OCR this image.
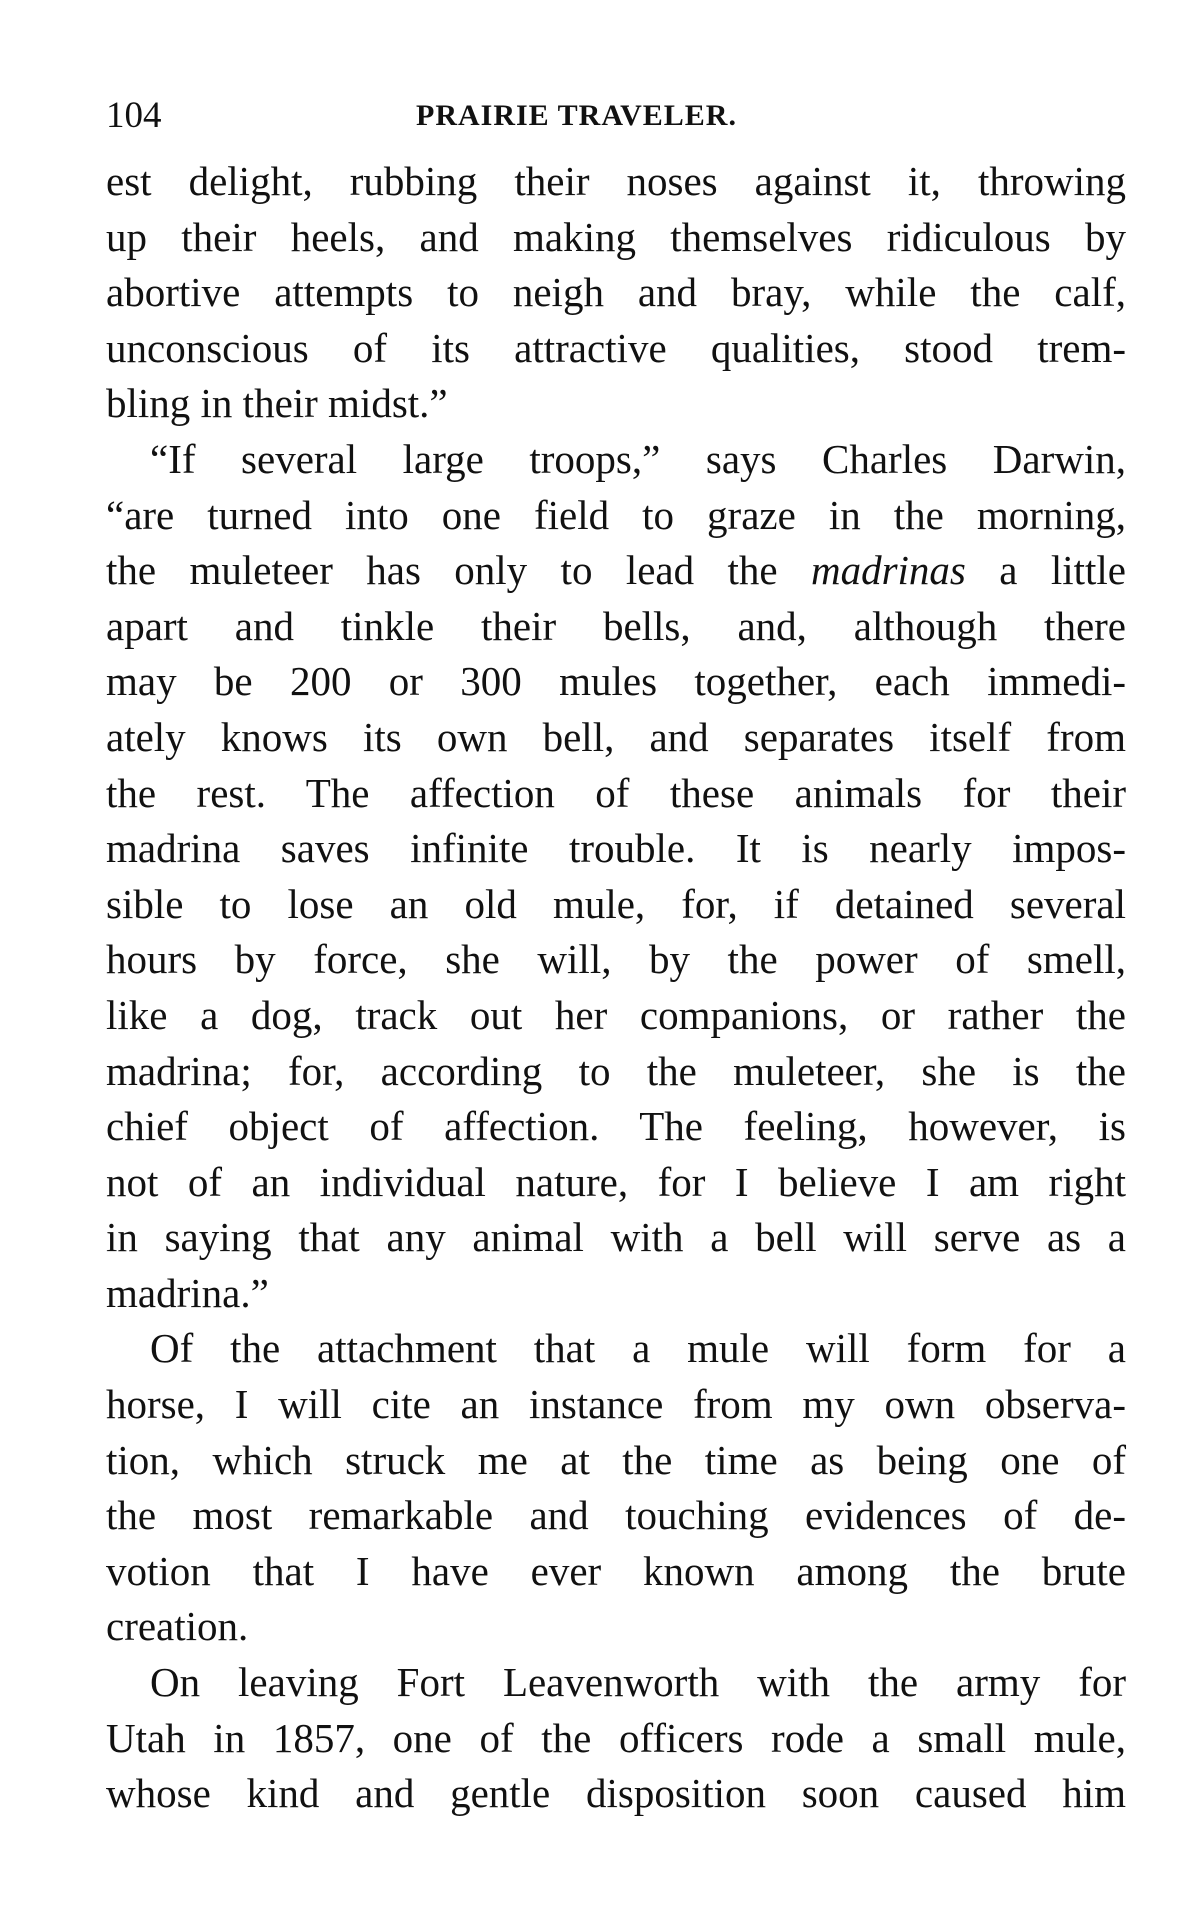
104	PRAIRIE TRAVELER.
est delight, rubbing their noses against it, throwing
up their heels, and making themselves ridiculous by
abortive attempts to neigh and bray, while the calf,
unconscious of its attractive qualities, stood trem-
bling in their midst.”
“If several large troops,” says Charles Darwin,
“are turned into one field to graze in the morning,
the muleteer has only to lead the madrinas a little
apart and tinkle their bells, and, although there
may be 200 or 300 mules together, each immedi-
ately knows its own bell, and separates itself from
the rest. The affection of these animals for their
madrina saves infinite trouble. It is nearly impos-
sible to lose an old mule, for, if detained several
hours by force, she will, by the power of smell,
like a dog, track out her companions, or rather the
madrina; for, according to the muleteer, she is the
chief object of affection. The feeling, however, is
not of an individual nature, for I believe I am right
in saying that any animal with a bell will serve as a
madrina.”
Of the attachment that a mule will form for a
horse, I will cite an instance from my own observa-
tion, which struck me at the time as being one of
the most remarkable and touching evidences of de-
votion that I have ever known among the brute
creation.
On leaving Fort Leavenworth with the army for
Utah in 1857, one of the officers rode a small mule,
whose kind and gentle disposition soon caused him
